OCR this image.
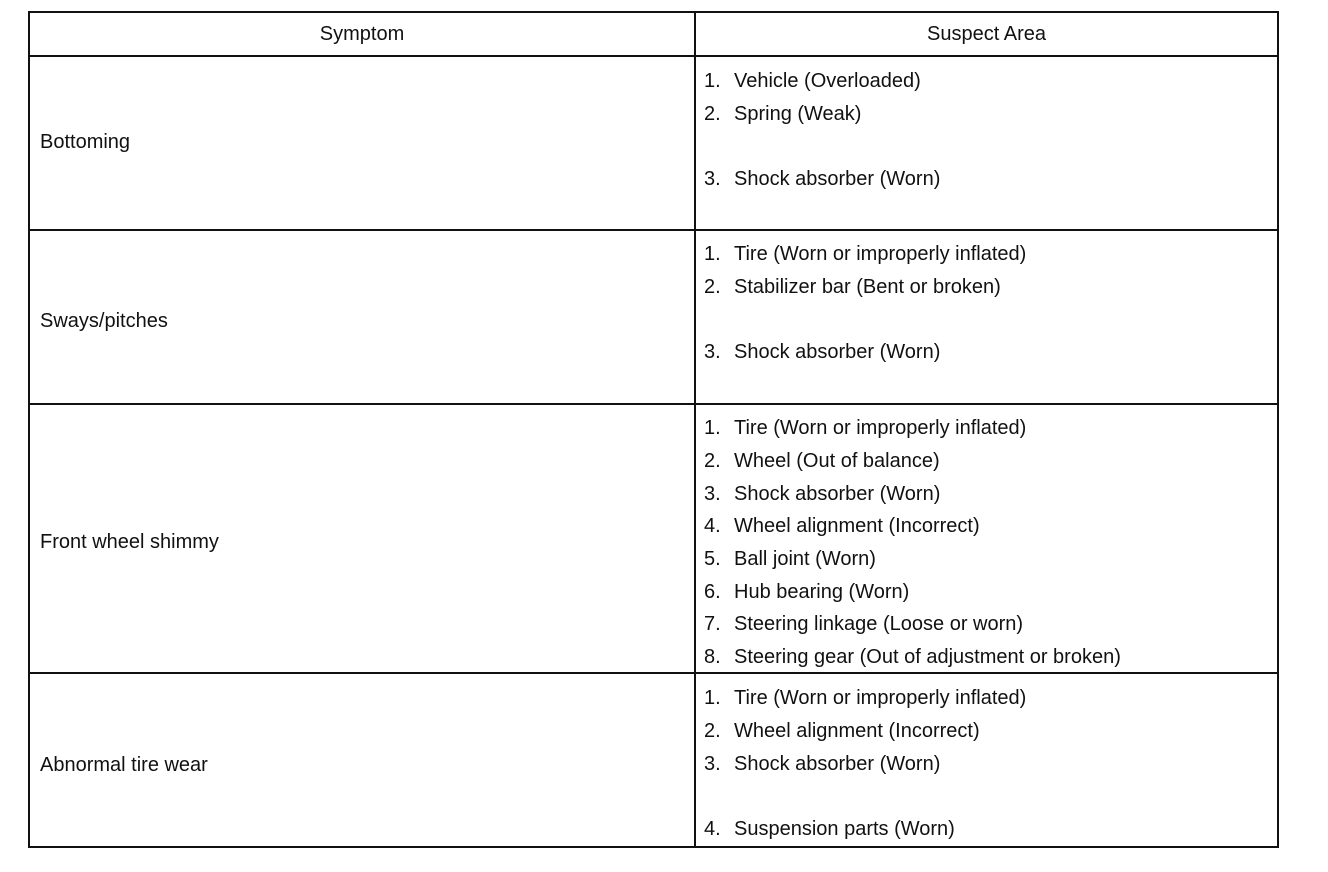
Symptom	Suspect Area
Bottoming
1. Vehicle (Overloaded)
2. Spring (Weak)
3. Shock absorber (Worn)
Sways/pitches
1. Tire (Worn or improperly inflated)
2. Stabilizer bar (Bent or broken)
3. Shock absorber (Worn)
Front wheel shimmy
1. Tire (Worn or improperly inflated)
2. Wheel (Out of balance)
3. Shock absorber (Worn)
4. Wheel alignment (Incorrect)
5. Ball joint (Worn)
6. Hub bearing (Worn)
7. Steering linkage (Loose or worn)
8. Steering gear (Out of adjustment or broken)
Abnormal tire wear
1. Tire (Worn or improperly inflated)
2. Wheel alignment (Incorrect)
3. Shock absorber (Worn)
4. Suspension parts (Worn)
